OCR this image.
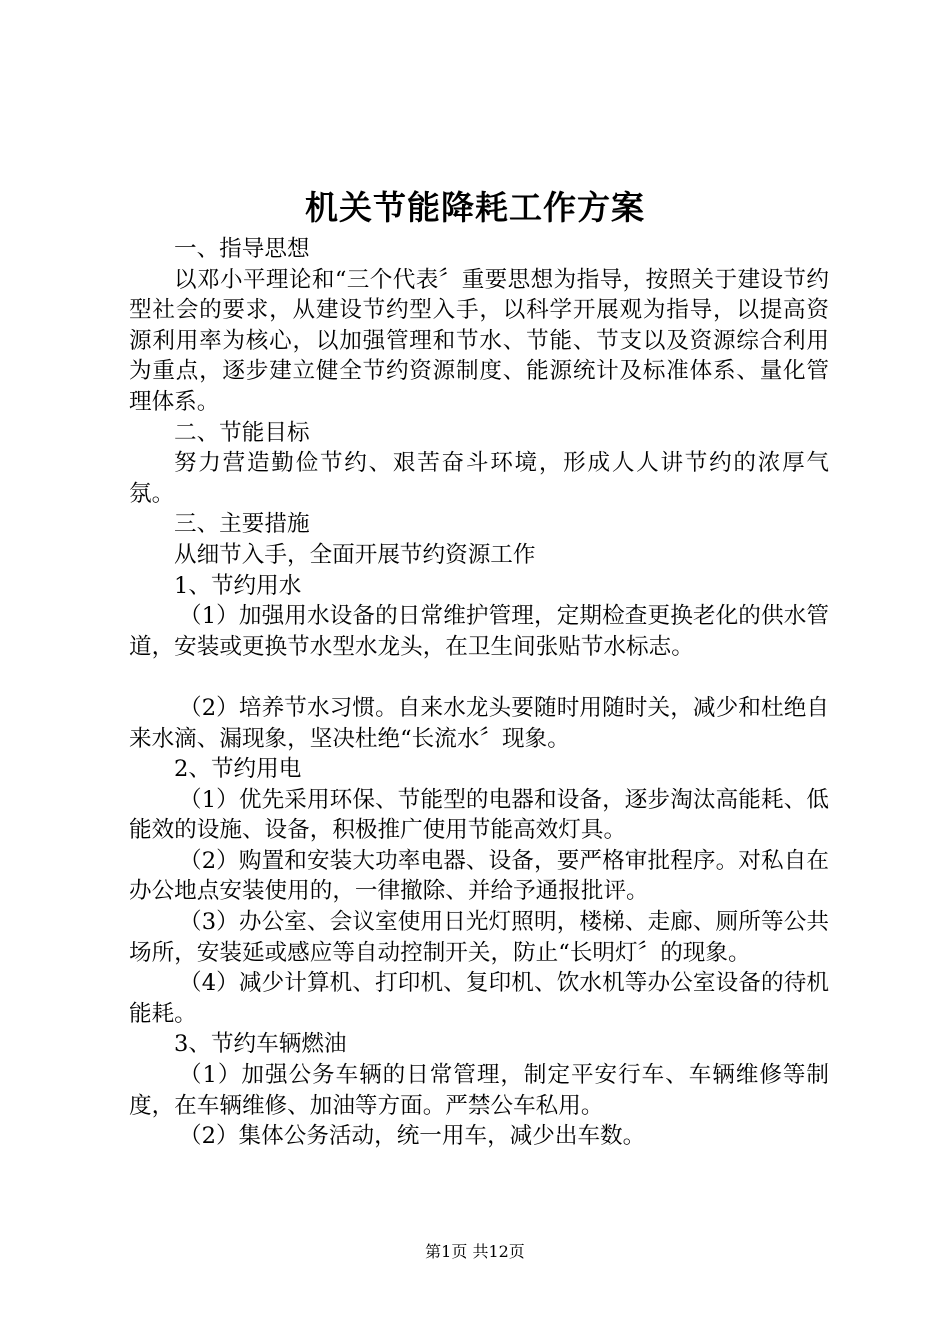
机关节能降耗工作方案

一、指导思想

以邓小平理论和“三个代表〞重要思想为指导，按照关于建设节约型社会的要求，从建设节约型入手，以科学开展观为指导，以提高资源利用率为核心，以加强管理和节水、节能、节支以及资源综合利用为重点，逐步建立健全节约资源制度、能源统计及标准体系、量化管理体系。

二、节能目标

努力营造勤俭节约、艰苦奋斗环境，形成人人讲节约的浓厚气氛。

三、主要措施

从细节入手，全面开展节约资源工作

1、节约用水

（1）加强用水设备的日常维护管理，定期检查更换老化的供水管道，安装或更换节水型水龙头，在卫生间张贴节水标志。

（2）培养节水习惯。自来水龙头要随时用随时关，减少和杜绝自来水滴、漏现象，坚决杜绝“长流水〞现象。

2、节约用电

（1）优先采用环保、节能型的电器和设备，逐步淘汰高能耗、低能效的设施、设备，积极推广使用节能高效灯具。

（2）购置和安装大功率电器、设备，要严格审批程序。对私自在办公地点安装使用的，一律撤除、并给予通报批评。

（3）办公室、会议室使用日光灯照明，楼梯、走廊、厕所等公共场所，安装延或感应等自动控制开关，防止“长明灯〞的现象。

（4）减少计算机、打印机、复印机、饮水机等办公室设备的待机能耗。

3、节约车辆燃油

（1）加强公务车辆的日常管理，制定平安行车、车辆维修等制度，在车辆维修、加油等方面。严禁公车私用。

（2）集体公务活动，统一用车，减少出车数。

第1页 共12页
